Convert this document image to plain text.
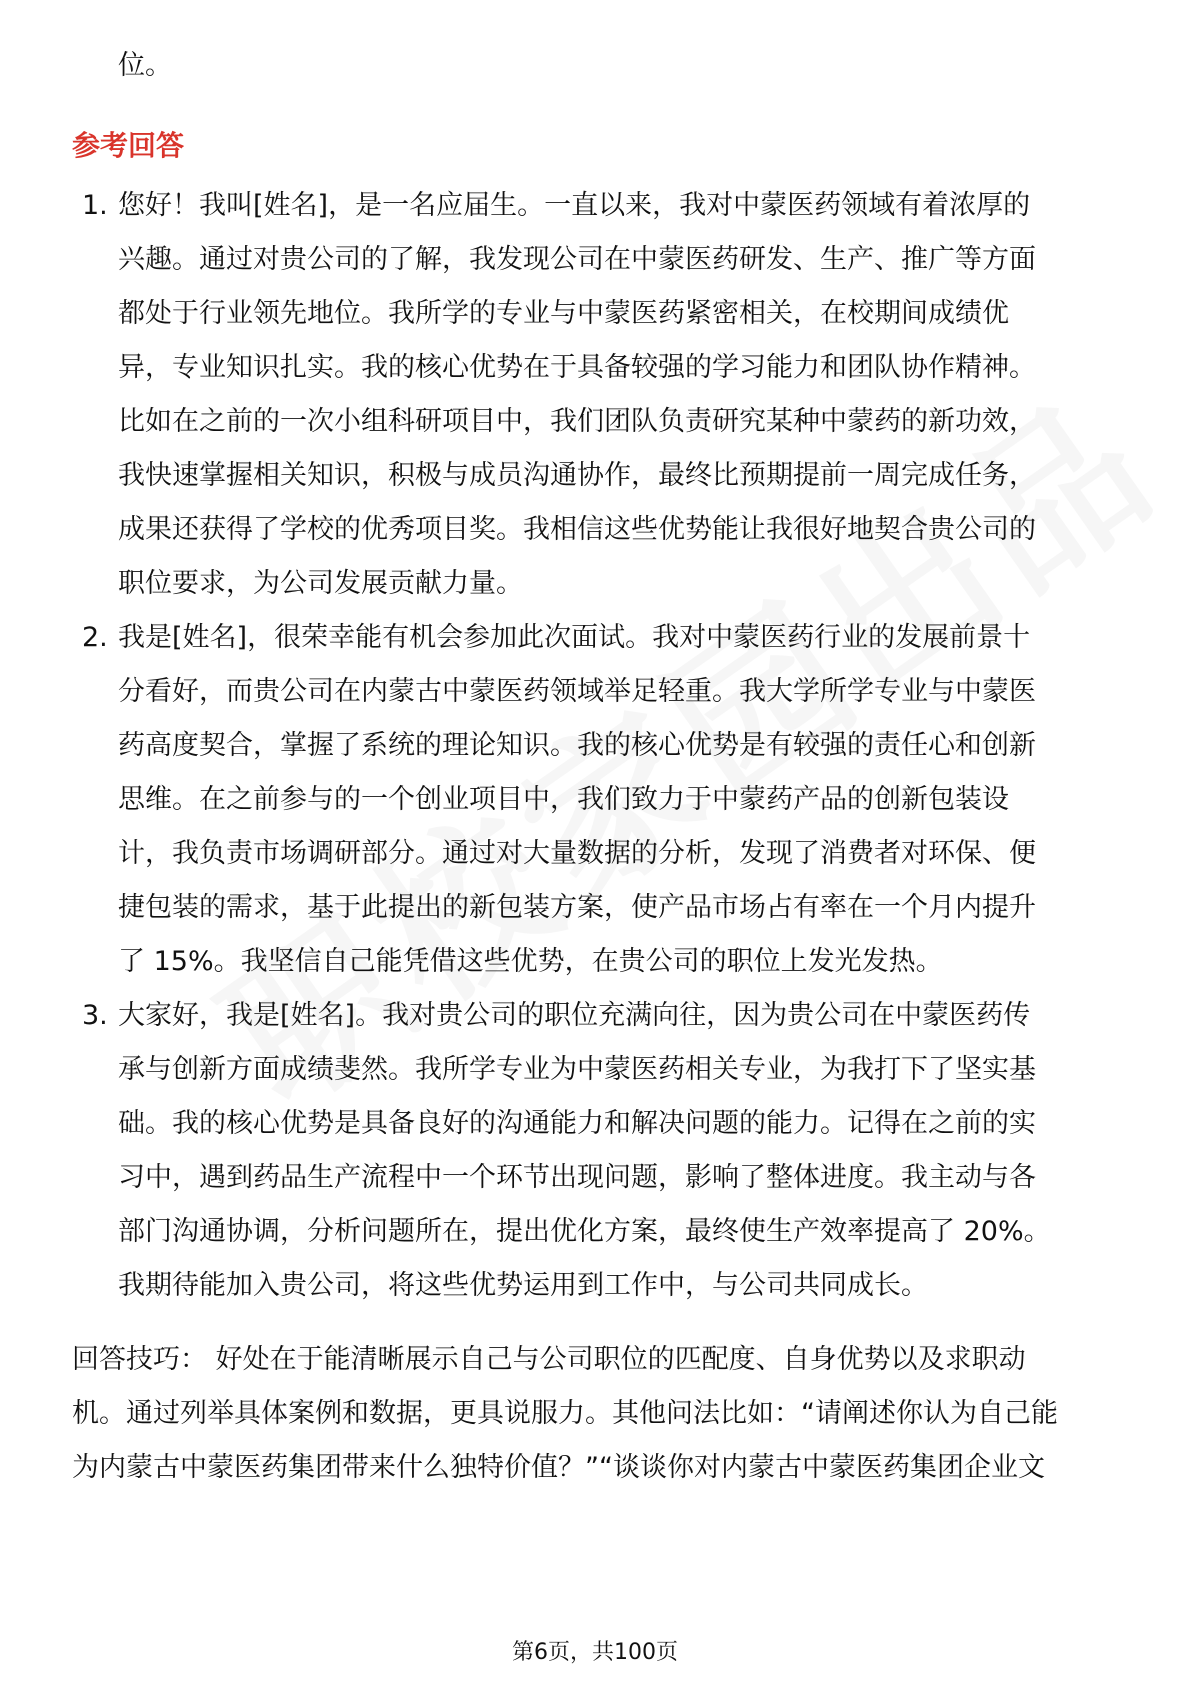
位。
参考回答
1. 您好！我叫[姓名]，是一名应届生。一直以来，我对中蒙医药领域有着浓厚的
兴趣。通过对贵公司的了解，我发现公司在中蒙医药研发、生产、推广等方面
都处于行业领先地位。我所学的专业与中蒙医药紧密相关，在校期间成绩优
异，专业知识扎实。我的核心优势在于具备较强的学习能力和团队协作精神。
比如在之前的一次小组科研项目中，我们团队负责研究某种中蒙药的新功效，
我快速掌握相关知识，积极与成员沟通协作，最终比预期提前一周完成任务，
成果还获得了学校的优秀项目奖。我相信这些优势能让我很好地契合贵公司的
职位要求，为公司发展贡献力量。
2. 我是[姓名]，很荣幸能有机会参加此次面试。我对中蒙医药行业的发展前景十
分看好，而贵公司在内蒙古中蒙医药领域举足轻重。我大学所学专业与中蒙医
药高度契合，掌握了系统的理论知识。我的核心优势是有较强的责任心和创新
思维。在之前参与的一个创业项目中，我们致力于中蒙药产品的创新包装设
计，我负责市场调研部分。通过对大量数据的分析，发现了消费者对环保、便
捷包装的需求，基于此提出的新包装方案，使产品市场占有率在一个月内提升
了 15%。我坚信自己能凭借这些优势，在贵公司的职位上发光发热。
3. 大家好，我是[姓名]。我对贵公司的职位充满向往，因为贵公司在中蒙医药传
承与创新方面成绩斐然。我所学专业为中蒙医药相关专业，为我打下了坚实基
础。我的核心优势是具备良好的沟通能力和解决问题的能力。记得在之前的实
习中，遇到药品生产流程中一个环节出现问题，影响了整体进度。我主动与各
部门沟通协调，分析问题所在，提出优化方案，最终使生产效率提高了 20%。
我期待能加入贵公司，将这些优势运用到工作中，与公司共同成长。
回答技巧： 好处在于能清晰展示自己与公司职位的匹配度、自身优势以及求职动
机。通过列举具体案例和数据，更具说服力。其他问法比如：“请阐述你认为自己能
为内蒙古中蒙医药集团带来什么独特价值？”“谈谈你对内蒙古中蒙医药集团企业文
第6页，共100页
